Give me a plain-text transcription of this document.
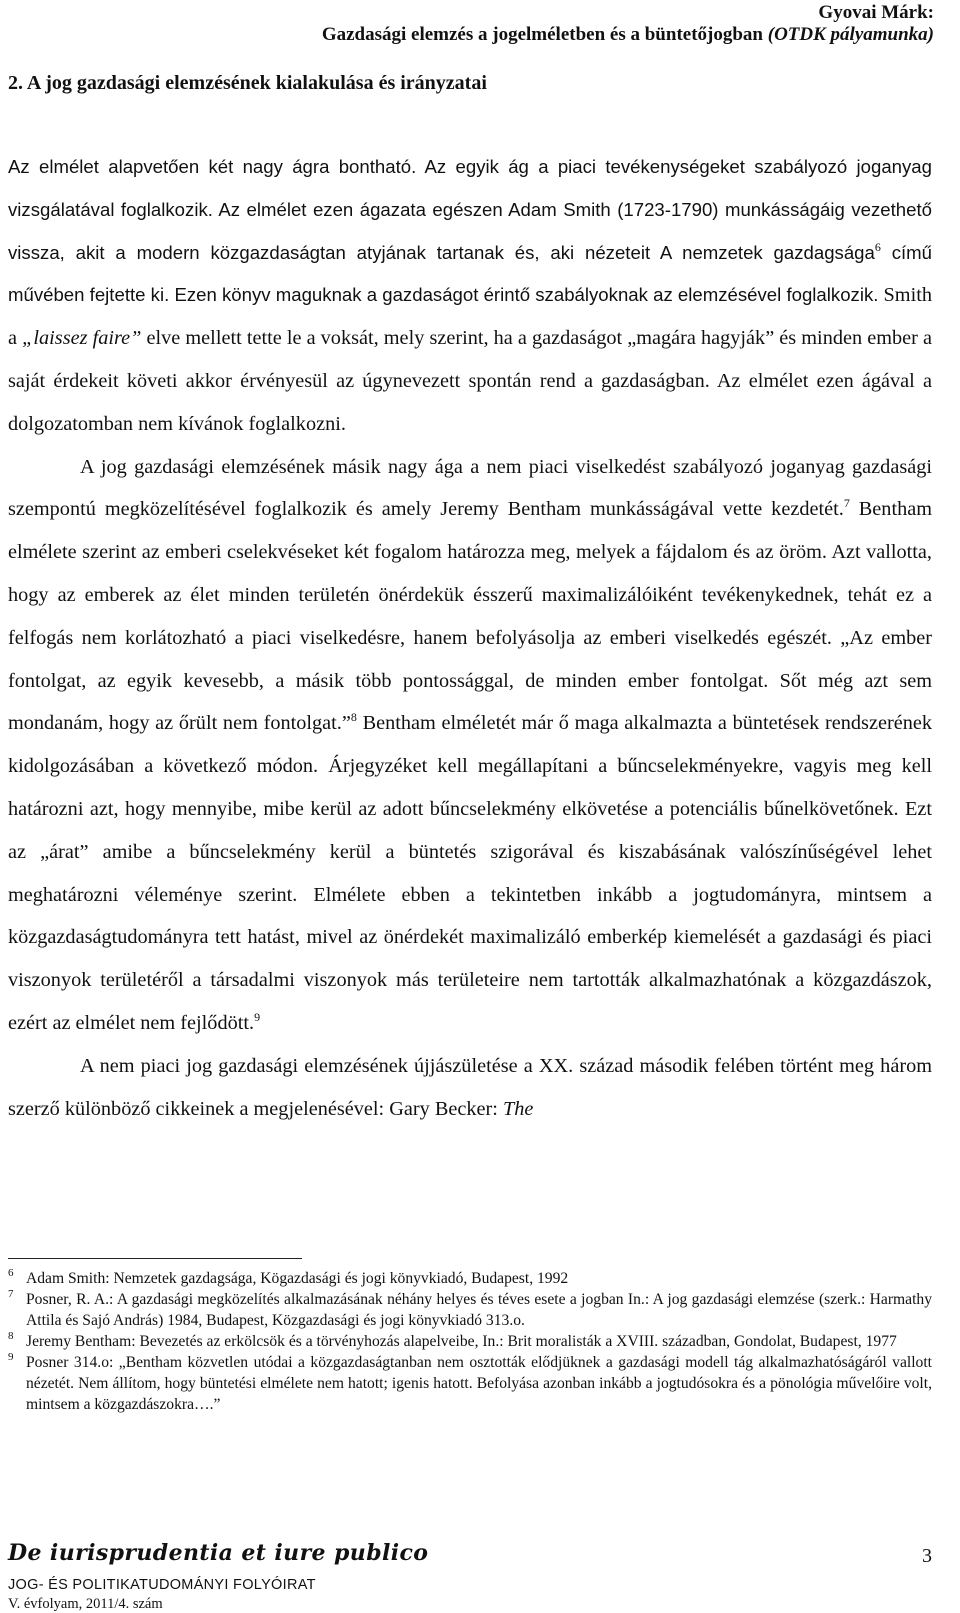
Gyovai Márk:
Gazdasági elemzés a jogelméletben és a büntetőjogban (OTDK pályamunka)
2. A jog gazdasági elemzésének kialakulása és irányzatai

Az elmélet alapvetően két nagy ágra bontható. Az egyik ág a piaci tevékenységeket szabályozó joganyag vizsgálatával foglalkozik. Az elmélet ezen ágazata egészen Adam Smith (1723-1790) munkásságáig vezethető vissza, akit a modern közgazdaságtan atyjának tartanak és, aki nézeteit A nemzetek gazdagsága$^6$ című művében fejtette ki. Ezen könyv maguknak a gazdaságot érintő szabályoknak az elemzésével foglalkozik. Smith a „laissez faire” elve mellett tette le a voksát, mely szerint, ha a gazdaságot „magára hagyják” és minden ember a saját érdekeit követi akkor érvényesül az úgynevezett spontán rend a gazdaságban. Az elmélet ezen ágával a dolgozatomban nem kívánok foglalkozni.

A jog gazdasági elemzésének másik nagy ága a nem piaci viselkedést szabályozó joganyag gazdasági szempontú megközelítésével foglalkozik és amely Jeremy Bentham munkásságával vette kezdetét.$^7$ Bentham elmélete szerint az emberi cselekvéseket két fogalom határozza meg, melyek a fájdalom és az öröm. Azt vallotta, hogy az emberek az élet minden területén önérdekük ésszerű maximalizálóiként tevékenykednek, tehát ez a felfogás nem korlátozható a piaci viselkedésre, hanem befolyásolja az emberi viselkedés egészét. „Az ember fontolgat, az egyik kevesebb, a másik több pontossággal, de minden ember fontolgat. Sőt még azt sem mondanám, hogy az őrült nem fontolgat.”$^8$ Bentham elméletét már ő maga alkalmazta a büntetések rendszerének kidolgozásában a következő módon. Árjegyzéket kell megállapítani a bűncselekményekre, vagyis meg kell határozni azt, hogy mennyibe, mibe kerül az adott bűncselekmény elkövetése a potenciális bűnelkövetőnek. Ezt az „árat” amibe a bűncselekmény kerül a büntetés szigorával és kiszabásának valószínűségével lehet meghatározni véleménye szerint. Elmélete ebben a tekintetben inkább a jogtudományra, mintsem a közgazdaságtudományra tett hatást, mivel az önérdekét maximalizáló emberkép kiemelését a gazdasági és piaci viszonyok területéről a társadalmi viszonyok más területeire nem tartották alkalmazhatónak a közgazdászok, ezért az elmélet nem fejlődött.$^9$

A nem piaci jog gazdasági elemzésének újjászületése a XX. század második felében történt meg három szerző különböző cikkeinek a megjelenésével: Gary Becker: The

6 Adam Smith: Nemzetek gazdagsága, Kögazdasági és jogi könyvkiadó, Budapest, 1992
7 Posner, R. A.: A gazdasági megközelítés alkalmazásának néhány helyes és téves esete a jogban In.: A jog gazdasági elemzése (szerk.: Harmathy Attila és Sajó András) 1984, Budapest, Közgazdasági és jogi könyvkiadó 313.o.
8 Jeremy Bentham: Bevezetés az erkölcsök és a törvényhozás alapelveibe, In.: Brit moralisták a XVIII. században, Gondolat, Budapest, 1977
9 Posner 314.o: „Bentham közvetlen utódai a közgazdaságtanban nem osztották elődjüknek a gazdasági modell tág alkalmazhatóságáról vallott nézetét. Nem állítom, hogy büntetési elmélete nem hatott; igenis hatott. Befolyása azonban inkább a jogtudósokra és a pönológia művelőire volt, mintsem a közgazdászokra….”
De iurisprudentia et iure publico	3
JOG- ÉS POLITIKATUDOMÁNYI FOLYÓIRAT
V. évfolyam, 2011/4. szám
